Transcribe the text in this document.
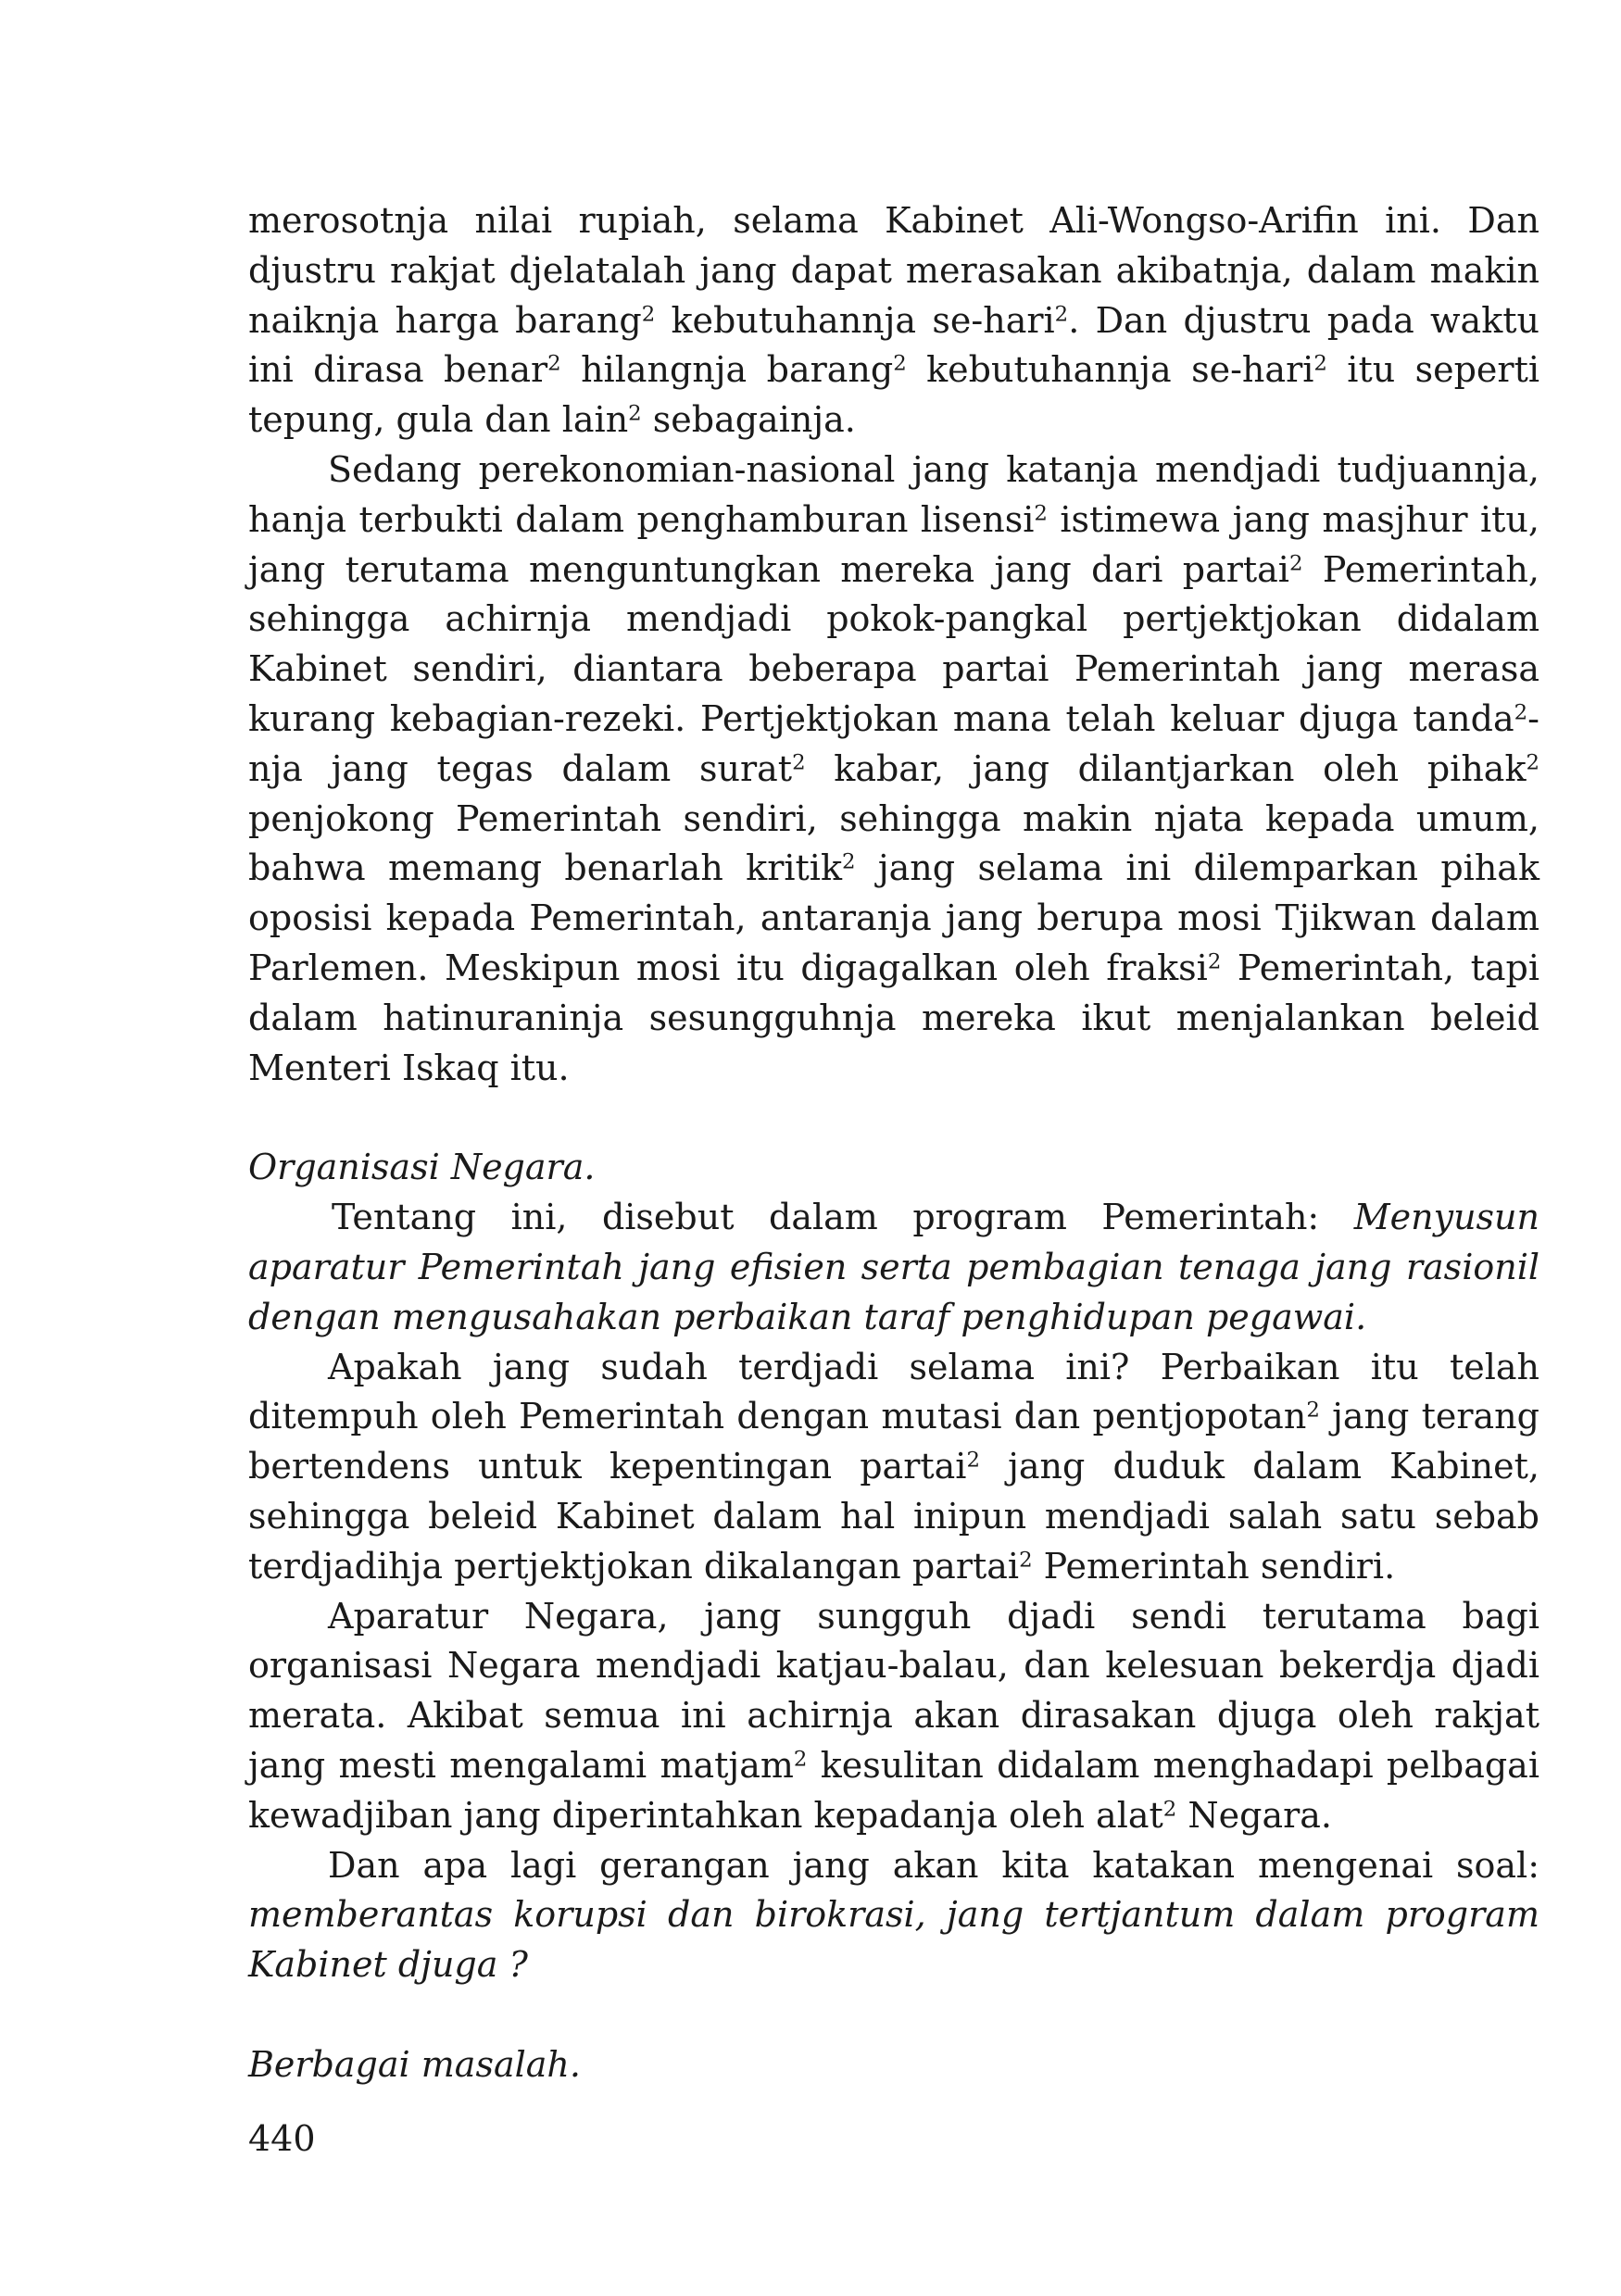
merosotnja nilai rupiah, selama Kabinet Ali-Wongso-Arifin ini. Dan djustru rakjat djelatalah jang dapat merasakan akibatnja, dalam makin naiknja harga barang$^2$ kebutuhannja se-hari$^2$. Dan djustru pada waktu ini dirasa benar$^2$ hilangnja barang$^2$ kebutuhannja se-hari$^2$ itu seperti tepung, gula dan lain$^2$ sebagainja.

Sedang perekonomian-nasional jang katanja mendjadi tudjuannja, hanja terbukti dalam penghamburan lisensi$^2$ istimewa jang masjhur itu, jang terutama menguntungkan mereka jang dari partai$^2$ Pemerintah, sehingga achirnja mendjadi pokok-pangkal pertjektjokan didalam Kabinet sendiri, diantara beberapa partai Pemerintah jang merasa kurang kebagian-rezeki. Pertjektjokan mana telah keluar djuga tanda$^2$-nja jang tegas dalam surat$^2$ kabar, jang dilantjarkan oleh pihak$^2$ penjokong Pemerintah sendiri, sehingga makin njata kepada umum, bahwa memang benarlah kritik$^2$ jang selama ini dilemparkan pihak oposisi kepada Pemerintah, antaranja jang berupa mosi Tjikwan dalam Parlemen. Meskipun mosi itu digagalkan oleh fraksi$^2$ Pemerintah, tapi dalam hatinuraninja sesungguhnja mereka ikut menjalankan beleid Menteri Iskaq itu.

Organisasi Negara.

Tentang ini, disebut dalam program Pemerintah: Menyusun aparatur Pemerintah jang efisien serta pembagian tenaga jang rasionil dengan mengusahakan perbaikan taraf penghidupan pegawai.

Apakah jang sudah terdjadi selama ini? Perbaikan itu telah ditempuh oleh Pemerintah dengan mutasi dan pentjopotan$^2$ jang terang bertendens untuk kepentingan partai$^2$ jang duduk dalam Kabinet, sehingga beleid Kabinet dalam hal inipun mendjadi salah satu sebab terdjadihja pertjektjokan dikalangan partai$^2$ Pemerintah sendiri.

Aparatur Negara, jang sungguh djadi sendi terutama bagi organisasi Negara mendjadi katjau-balau, dan kelesuan bekerdja djadi merata. Akibat semua ini achirnja akan dirasakan djuga oleh rakjat jang mesti mengalami matjam$^2$ kesulitan didalam menghadapi pelbagai kewadjiban jang diperintahkan kepadanja oleh alat$^2$ Negara.

Dan apa lagi gerangan jang akan kita katakan mengenai soal: memberantas korupsi dan birokrasi, jang tertjantum dalam program Kabinet djuga ?

Berbagai masalah.

440
